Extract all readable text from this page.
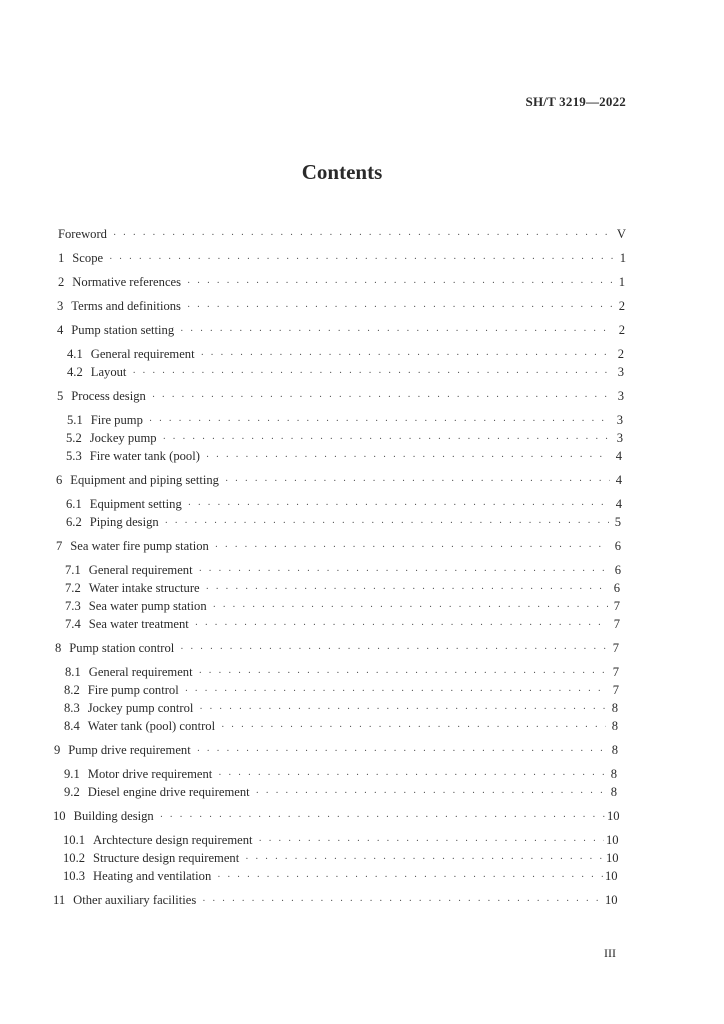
SH/T 3219—2022
Contents
Foreword · · ·	V
1 Scope · · ·	1
2 Normative references · · ·	1
3 Terms and definitions · · ·	2
4 Pump station setting · · ·	2
4.1 General requirement · · ·	2
4.2 Layout · · ·	3
5 Process design · · ·	3
5.1 Fire pump · · ·	3
5.2 Jockey pump · · ·	3
5.3 Fire water tank (pool) · · ·	4
6 Equipment and piping setting · · ·	4
6.1 Equipment setting · · ·	4
6.2 Piping design · · ·	5
7 Sea water fire pump station · · ·	6
7.1 General requirement · · ·	6
7.2 Water intake structure · · ·	6
7.3 Sea water pump station · · ·	7
7.4 Sea water treatment · · ·	7
8 Pump station control · · ·	7
8.1 General requirement · · ·	7
8.2 Fire pump control · · ·	7
8.3 Jockey pump control · · ·	8
8.4 Water tank (pool) control · · ·	8
9 Pump drive requirement · · ·	8
9.1 Motor drive requirement · · ·	8
9.2 Diesel engine drive requirement · · ·	8
10 Building design · · ·	10
10.1 Archtecture design requirement · · ·	10
10.2 Structure design requirement · · ·	10
10.3 Heating and ventilation · · ·	10
11 Other auxiliary facilities · · ·	10
III
